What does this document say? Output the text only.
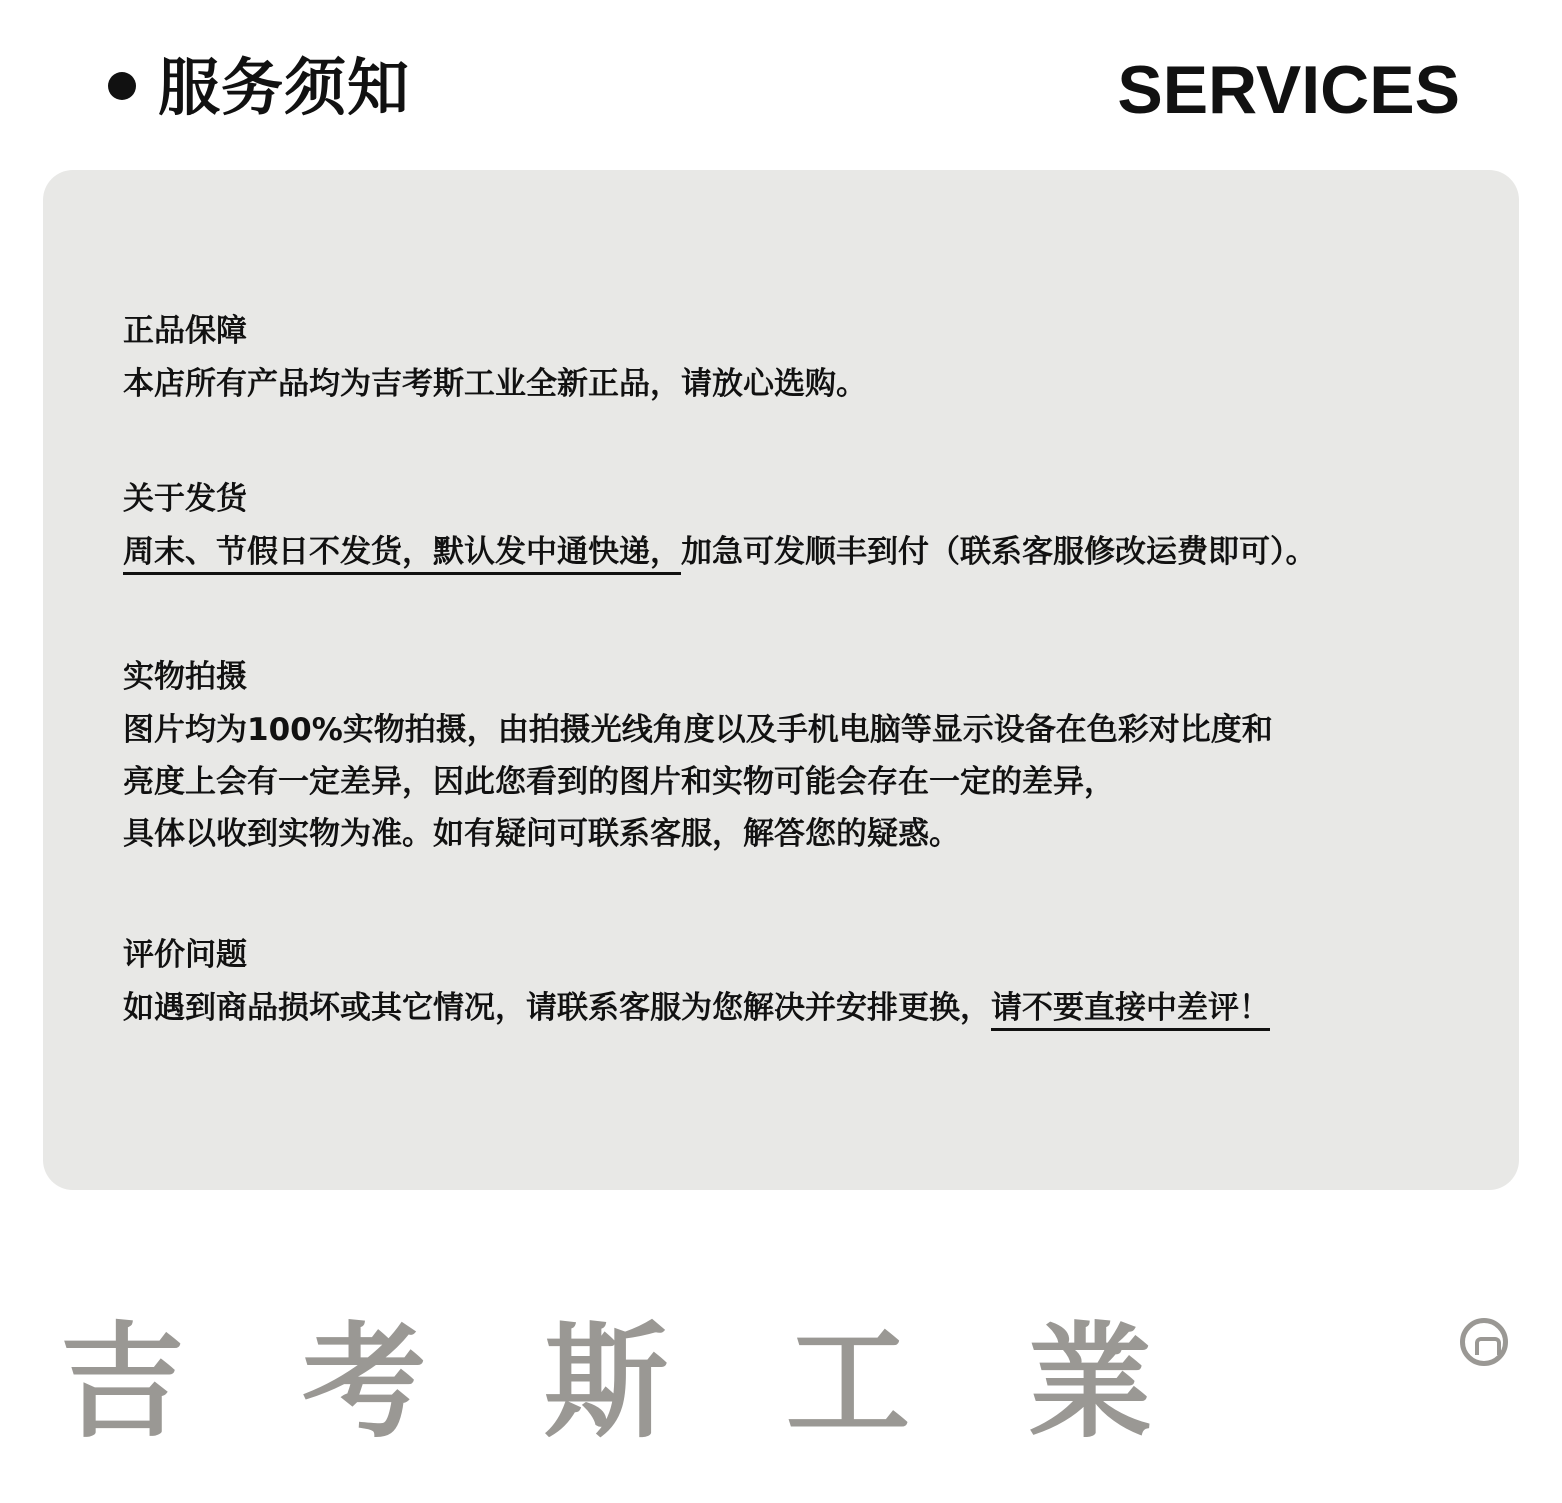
服务须知	SERVICES

正品保障

本店所有产品均为吉考斯工业全新正品，请放心选购。

关于发货

周末、节假日不发货，默认发中通快递，加急可发顺丰到付（联系客服修改运费即可）。

实物拍摄

图片均为100%实物拍摄，由拍摄光线角度以及手机电脑等显示设备在色彩对比度和
亮度上会有一定差异，因此您看到的图片和实物可能会存在一定的差异，
具体以收到实物为准。如有疑问可联系客服，解答您的疑惑。

评价问题

如遇到商品损坏或其它情况，请联系客服为您解决并安排更换，请不要直接中差评！

吉考斯工業
